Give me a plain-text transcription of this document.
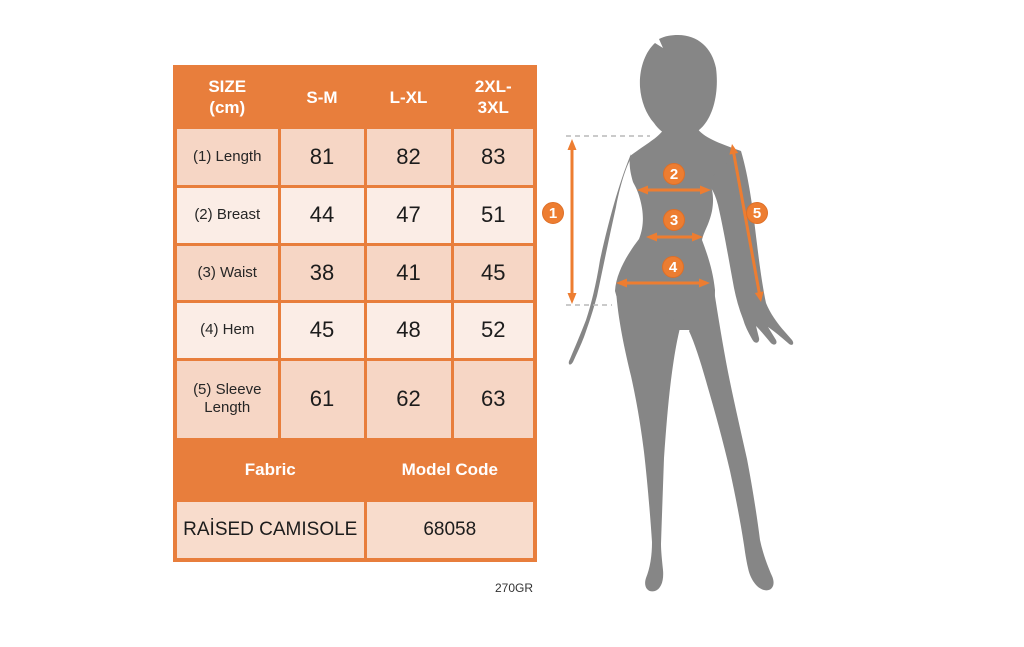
SIZE
(cm)	S-M	L-XL	2XL-3XL
(1) Length	81	82	83
(2) Breast	44	47	51
(3) Waist	38	41	45
(4) Hem	45	48	52
(5) Sleeve Length	61	62	63
Fabric		Model Code	
RAİSED CAMISOLE		68058	
270GR
1
2
3
4
5
